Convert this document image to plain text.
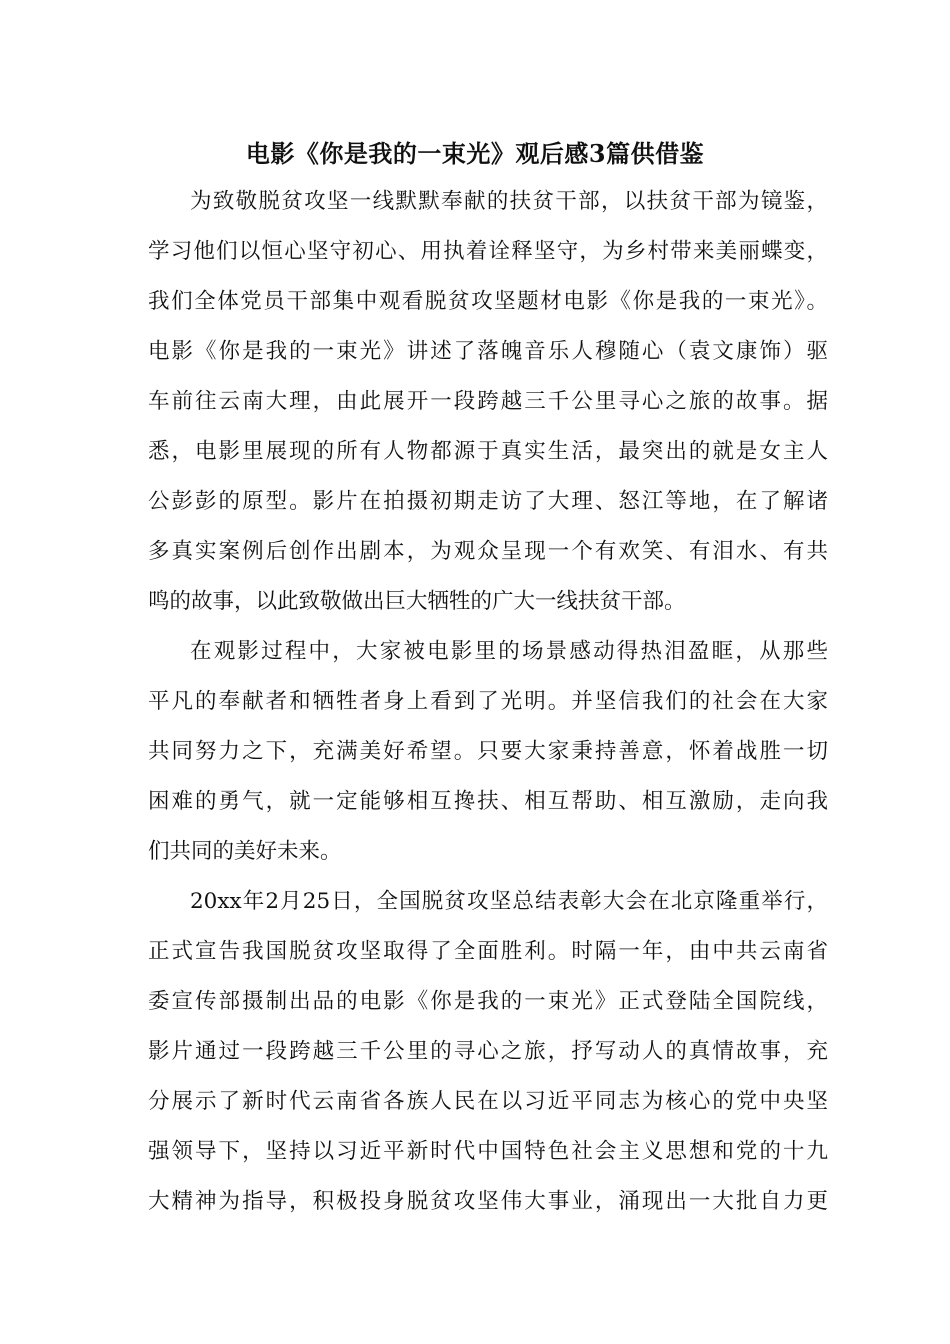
电影《你是我的一束光》观后感3篇供借鉴
为致敬脱贫攻坚一线默默奉献的扶贫干部，以扶贫干部为镜鉴，
学习他们以恒心坚守初心、用执着诠释坚守，为乡村带来美丽蝶变，
我们全体党员干部集中观看脱贫攻坚题材电影《你是我的一束光》。
电影《你是我的一束光》讲述了落魄音乐人穆随心（袁文康饰）驱
车前往云南大理，由此展开一段跨越三千公里寻心之旅的故事。据
悉，电影里展现的所有人物都源于真实生活，最突出的就是女主人
公彭彭的原型。影片在拍摄初期走访了大理、怒江等地，在了解诸
多真实案例后创作出剧本，为观众呈现一个有欢笑、有泪水、有共
鸣的故事，以此致敬做出巨大牺牲的广大一线扶贫干部。
在观影过程中，大家被电影里的场景感动得热泪盈眶，从那些
平凡的奉献者和牺牲者身上看到了光明。并坚信我们的社会在大家
共同努力之下，充满美好希望。只要大家秉持善意，怀着战胜一切
困难的勇气，就一定能够相互搀扶、相互帮助、相互激励，走向我
们共同的美好未来。
20xx年2月25日，全国脱贫攻坚总结表彰大会在北京隆重举行，
正式宣告我国脱贫攻坚取得了全面胜利。时隔一年，由中共云南省
委宣传部摄制出品的电影《你是我的一束光》正式登陆全国院线，
影片通过一段跨越三千公里的寻心之旅，抒写动人的真情故事，充
分展示了新时代云南省各族人民在以习近平同志为核心的党中央坚
强领导下，坚持以习近平新时代中国特色社会主义思想和党的十九
大精神为指导，积极投身脱贫攻坚伟大事业，涌现出一大批自力更
